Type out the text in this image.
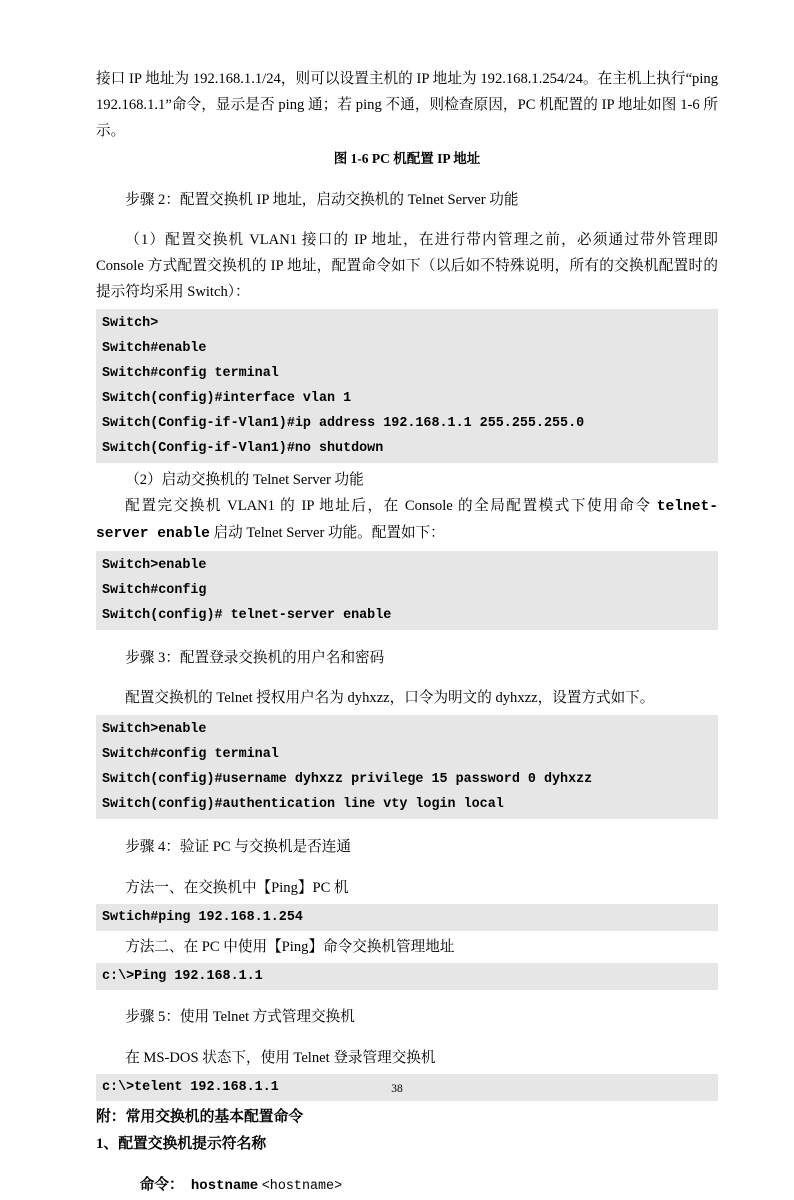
接口 IP 地址为 192.168.1.1/24，则可以设置主机的 IP 地址为 192.168.1.254/24。在主机上执行“ping 192.168.1.1”命令，显示是否 ping 通；若 ping 不通，则检查原因，PC 机配置的 IP 地址如图 1-6 所示。

图 1-6 PC 机配置 IP 地址

步骤 2：配置交换机 IP 地址，启动交换机的 Telnet Server 功能

（1）配置交换机 VLAN1 接口的 IP 地址，在进行带内管理之前，必须通过带外管理即 Console 方式配置交换机的 IP 地址，配置命令如下（以后如不特殊说明，所有的交换机配置时的提示符均采用 Switch）：

Switch>
Switch#enable
Switch#config terminal
Switch(config)#interface vlan 1
Switch(Config-if-Vlan1)#ip address 192.168.1.1 255.255.255.0
Switch(Config-if-Vlan1)#no shutdown

（2）启动交换机的 Telnet Server 功能

配置完交换机 VLAN1 的 IP 地址后，在 Console 的全局配置模式下使用命令 telnet-server enable 启动 Telnet Server 功能。配置如下：

Switch>enable
Switch#config
Switch(config)# telnet-server enable

步骤 3：配置登录交换机的用户名和密码

配置交换机的 Telnet 授权用户名为 dyhxzz，口令为明文的 dyhxzz，设置方式如下。

Switch>enable
Switch#config terminal
Switch(config)#username dyhxzz privilege 15 password 0 dyhxzz
Switch(config)#authentication line vty login local

步骤 4：验证 PC 与交换机是否连通

方法一、在交换机中【Ping】PC 机

Swtich#ping 192.168.1.254

方法二、在 PC 中使用【Ping】命令交换机管理地址

c:\>Ping 192.168.1.1

步骤 5：使用 Telnet 方式管理交换机

在 MS-DOS 状态下，使用 Telnet 登录管理交换机

c:\>telent 192.168.1.1

附：常用交换机的基本配置命令

1、配置交换机提示符名称

命令： hostname <hostname>

38
